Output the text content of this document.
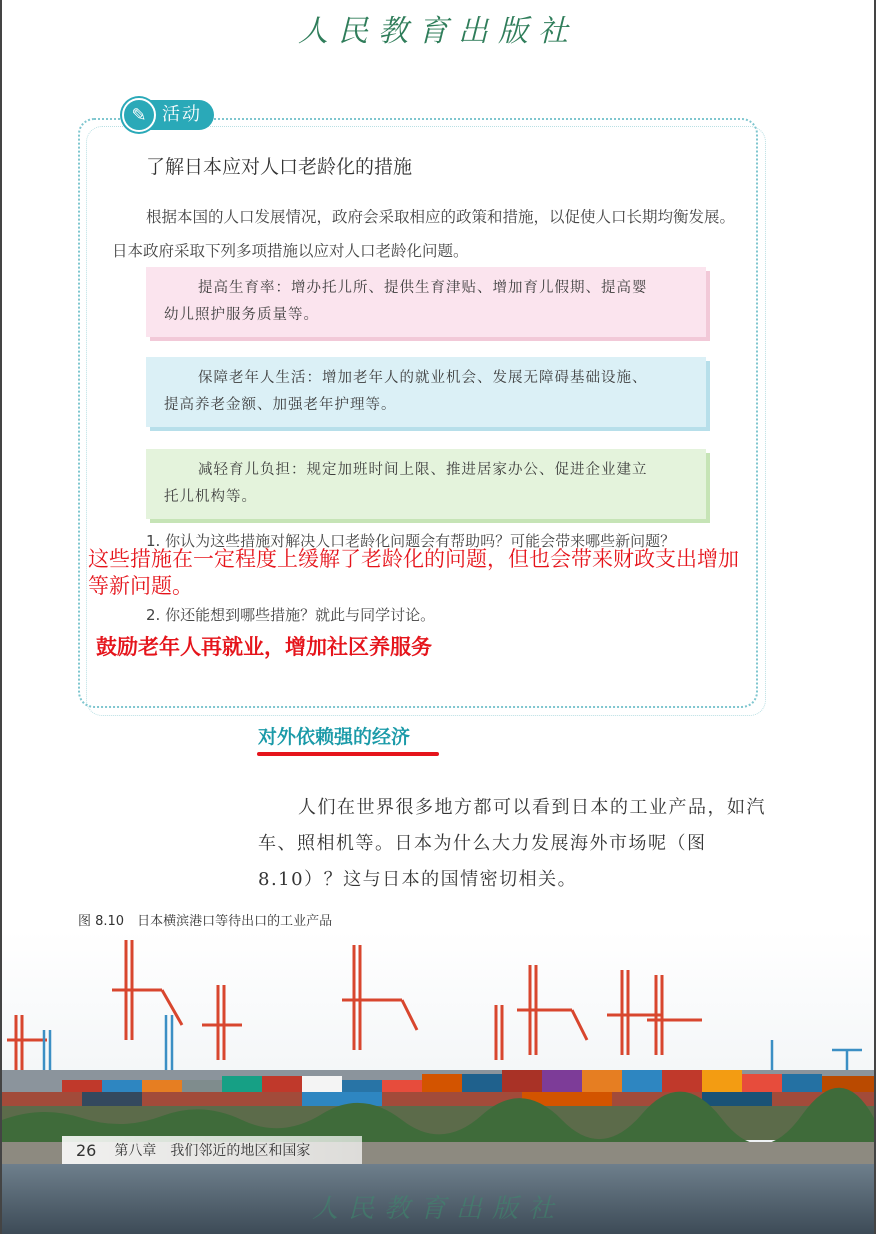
人民教育出版社
✎ 活动
了解日本应对人口老龄化的措施
根据本国的人口发展情况，政府会采取相应的政策和措施，以促使人口长期均衡发展。日本政府采取下列多项措施以应对人口老龄化问题。
提高生育率：增办托儿所、提供生育津贴、增加育儿假期、提高婴
幼儿照护服务质量等。
保障老年人生活：增加老年人的就业机会、发展无障碍基础设施、
提高养老金额、加强老年护理等。
减轻育儿负担：规定加班时间上限、推进居家办公、促进企业建立
托儿机构等。
1. 你认为这些措施对解决人口老龄化问题会有帮助吗？可能会带来哪些新问题？
这些措施在一定程度上缓解了老龄化的问题，但也会带来财政支出增加等新问题。
2. 你还能想到哪些措施？就此与同学讨论。
鼓励老年人再就业，增加社区养服务
对外依赖强的经济
人们在世界很多地方都可以看到日本的工业产品，如汽车、照相机等。日本为什么大力发展海外市场呢（图8.10）？这与日本的国情密切相关。
图 8.10　日本横滨港口等待出口的工业产品
26 第八章 我们邻近的地区和国家
人民教育出版社
